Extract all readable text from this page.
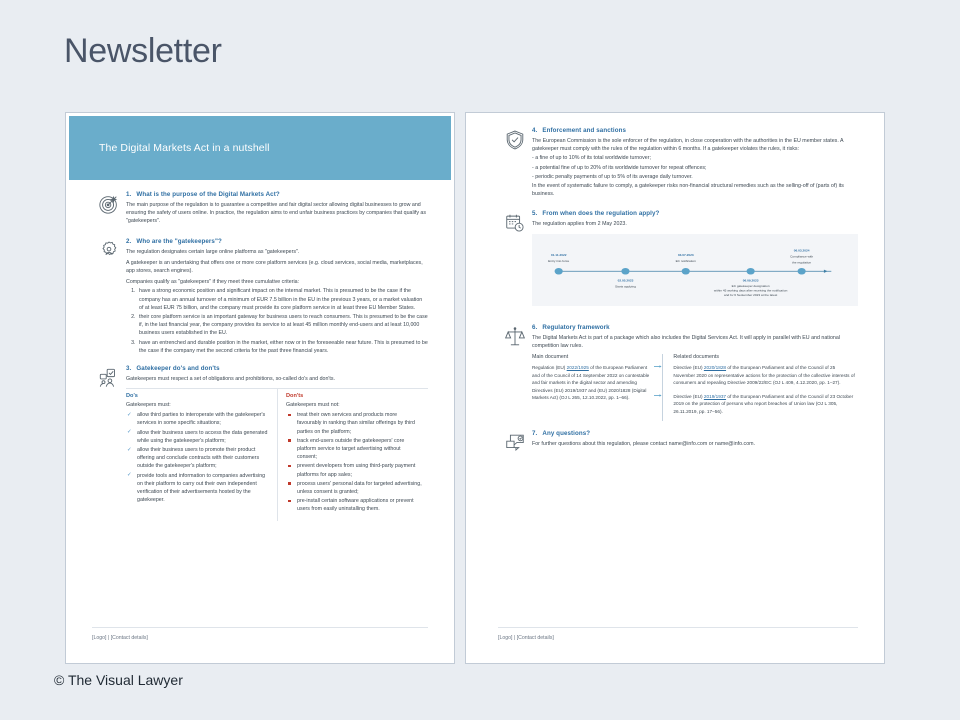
Newsletter
The Digital Markets Act in a nutshell
1. What is the purpose of the Digital Markets Act?

The main purpose of the regulation is to guarantee a competitive and fair digital sector allowing digital businesses to grow and ensuring the safety of users online. In practice, the regulation aims to end unfair business practices by companies that qualify as "gatekeepers".

2. Who are the "gatekeepers"?

The regulation designates certain large online platforms as "gatekeepers".

A gatekeeper is an undertaking that offers one or more core platform services (e.g. cloud services, social media, marketplaces, app stores, search engines).

Companies qualify as "gatekeepers" if they meet three cumulative criteria:

1. have a strong economic position and significant impact on the internal market. This is presumed to be the case if the company has an annual turnover of a minimum of EUR 7.5 billion in the EU in the previous 3 years, or a market valuation of at least EUR 75 billion, and the company must provide its core platform service in at least three EU Member States.
2. their core platform service is an important gateway for business users to reach consumers. This is presumed to be the case if, in the last financial year, the company provides its service to at least 45 million monthly end-users and at least 10,000 business users established in the EU.
3. have an entrenched and durable position in the market, either now or in the foreseeable near future. This is presumed to be the case if the company met the second criteria for the past three financial years.
3. Gatekeeper do's and don'ts

Gatekeepers must respect a set of obligations and prohibitions, so-called do's and don'ts.

Do's
Gatekeepers must:
✓ allow third parties to interoperate with the gatekeeper's services in some specific situations;
✓ allow their business users to access the data generated while using the gatekeeper's platform;
✓ allow their business users to promote their product offering and conclude contracts with their customers outside the gatekeeper's platform;
✓ provide tools and information to companies advertising on their platform to carry out their own independent verification of their advertisements hosted by the gatekeeper.
Don'ts
Gatekeepers must not:
treat their own services and products more favourably in ranking than similar offerings by third parties on the platform;
track end-users outside the gatekeepers' core platform service to target advertising without consent;
prevent developers from using third-party payment platforms for app sales;
process users' personal data for targeted advertising, unless consent is granted;
pre-install certain software applications or prevent users from easily uninstalling them.
[Logo] | [Contact details]
4. Enforcement and sanctions

The European Commission is the sole enforcer of the regulation, in close cooperation with the authorities in the EU member states. A gatekeeper must comply with the rules of the regulation within 6 months. If a gatekeeper violates the rules, it risks:

- a fine of up to 10% of its total worldwide turnover;

- a potential fine of up to 20% of its worldwide turnover for repeat offences;

- periodic penalty payments of up to 5% of its average daily turnover.

In the event of systematic failure to comply, a gatekeeper risks non-financial structural remedies such as the selling-off of (parts of) its business.

5. From when does the regulation apply?

The regulation applies from 2 May 2023.

01.11.2022
Entry into force
02.05.2023
Starts applying
03.07.2023
EC notification
06.09.2023
EC gatekeeper designation
within 45 working days after receiving the notification
and by 6 September 2023 at the latest
06.03.2024
Compliance with
the regulation
6. Regulatory framework

The Digital Markets Act is part of a package which also includes the Digital Services Act. It will apply in parallel with EU and national competition law rules.

Main document

Regulation (EU) 2022/1925 of the European Parliament and of the Council of 14 September 2022 on contestable and fair markets in the digital sector and amending Directives (EU) 2019/1937 and (EU) 2020/1828 (Digital Markets Act) (OJ L 265, 12.10.2022, pp. 1–66).

Related documents

Directive (EU) 2020/1828 of the European Parliament and of the Council of 25 November 2020 on representative actions for the protection of the collective interests of consumers and repealing Directive 2009/22/EC (OJ L 409, 4.12.2020, pp. 1–27).

Directive (EU) 2019/1937 of the European Parliament and of the Council of 23 October 2019 on the protection of persons who report breaches of Union law (OJ L 305, 26.11.2019, pp. 17–56).

7. Any questions?

For further questions about this regulation, please contact name@info.com or name@info.com.

[Logo] | [Contact details]
© The Visual Lawyer
